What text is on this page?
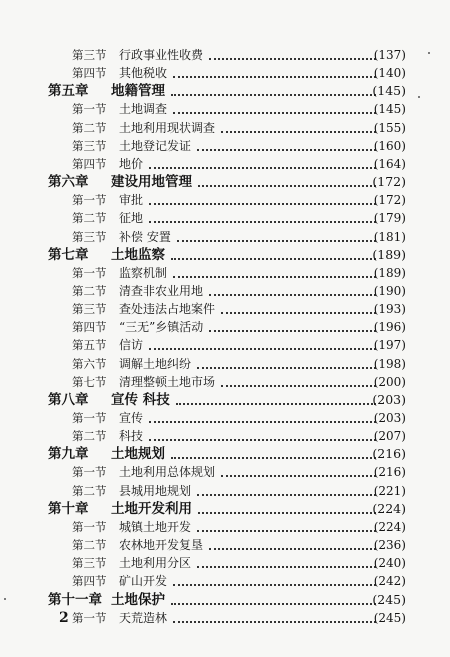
第三节 行政事业性收费	(137)
第四节 其他税收	(140)
第五章 地籍管理	(145)
第一节 土地调查	(145)
第二节 土地利用现状调查	(155)
第三节 土地登记发证	(160)
第四节 地价	(164)
第六章 建设用地管理	(172)
第一节 审批	(172)
第二节 征地	(179)
第三节 补偿 安置	(181)
第七章 土地监察	(189)
第一节 监察机制	(189)
第二节 清查非农业用地	(190)
第三节 查处违法占地案件	(193)
第四节 “三无”乡镇活动	(196)
第五节 信访	(197)
第六节 调解土地纠纷	(198)
第七节 清理整顿土地市场	(200)
第八章 宣传 科技	(203)
第一节 宣传	(203)
第二节 科技	(207)
第九章 土地规划	(216)
第一节 土地利用总体规划	(216)
第二节 县城用地规划	(221)
第十章 土地开发利用	(224)
第一节 城镇土地开发	(224)
第二节 农林地开发复垦	(236)
第三节 土地利用分区	(240)
第四节 矿山开发	(242)
第十一章 土地保护	(245)
第一节 天荒造林	(245)
2
